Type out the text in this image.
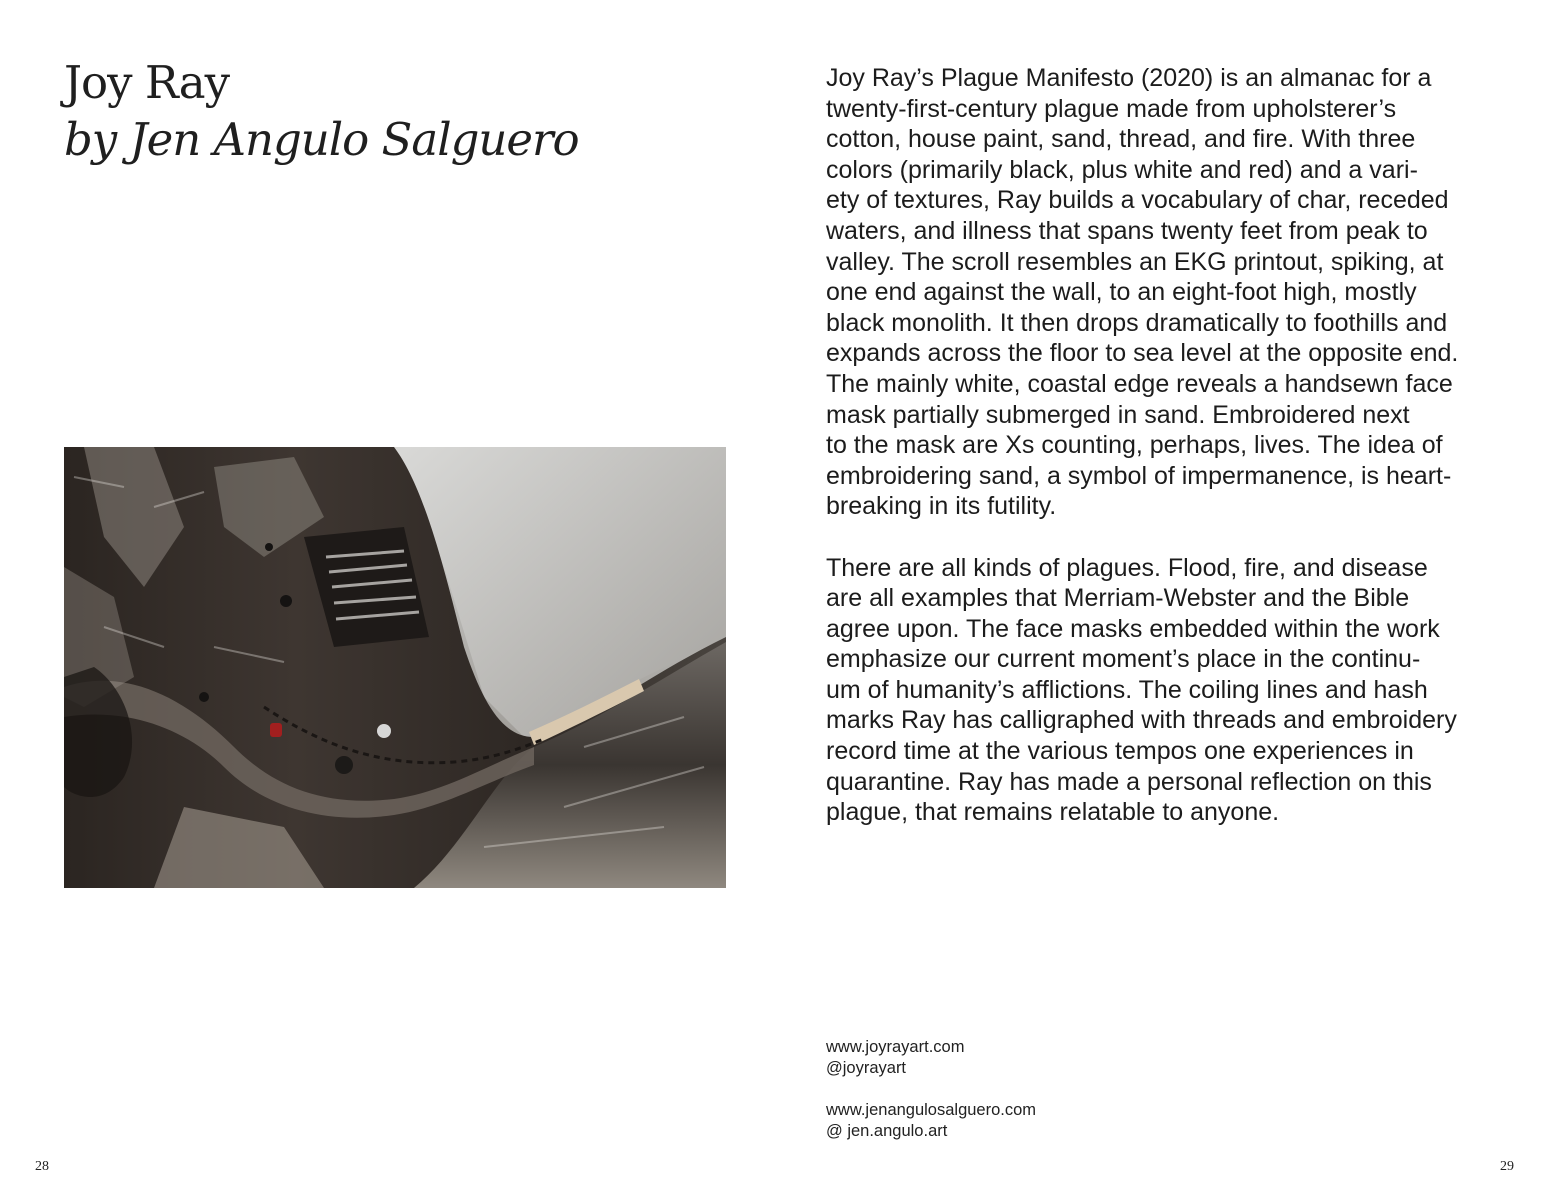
Joy Ray
by Jen Angulo Salguero
Joy Ray’s Plague Manifesto (2020) is an almanac for a
twenty-first-century plague made from upholsterer’s
cotton, house paint, sand, thread, and fire. With three
colors (primarily black, plus white and red) and a vari-
ety of textures, Ray builds a vocabulary of char, receded
waters, and illness that spans twenty feet from peak to
valley. The scroll resembles an EKG printout, spiking, at
one end against the wall, to an eight-foot high, mostly
black monolith. It then drops dramatically to foothills and
expands across the floor to sea level at the opposite end.
The mainly white, coastal edge reveals a handsewn face
mask partially submerged in sand. Embroidered next
to the mask are Xs counting, perhaps, lives. The idea of
embroidering sand, a symbol of impermanence, is heart-
breaking in its futility.
There are all kinds of plagues. Flood, fire, and disease
are all examples that Merriam-Webster and the Bible
agree upon. The face masks embedded within the work
emphasize our current moment’s place in the continu-
um of humanity’s afflictions. The coiling lines and hash
marks Ray has calligraphed with threads and embroidery
record time at the various tempos one experiences in
quarantine. Ray has made a personal reflection on this
plague, that remains relatable to anyone.
www.joyrayart.com
@joyrayart
www.jenangulosalguero.com
@ jen.angulo.art
28	29
